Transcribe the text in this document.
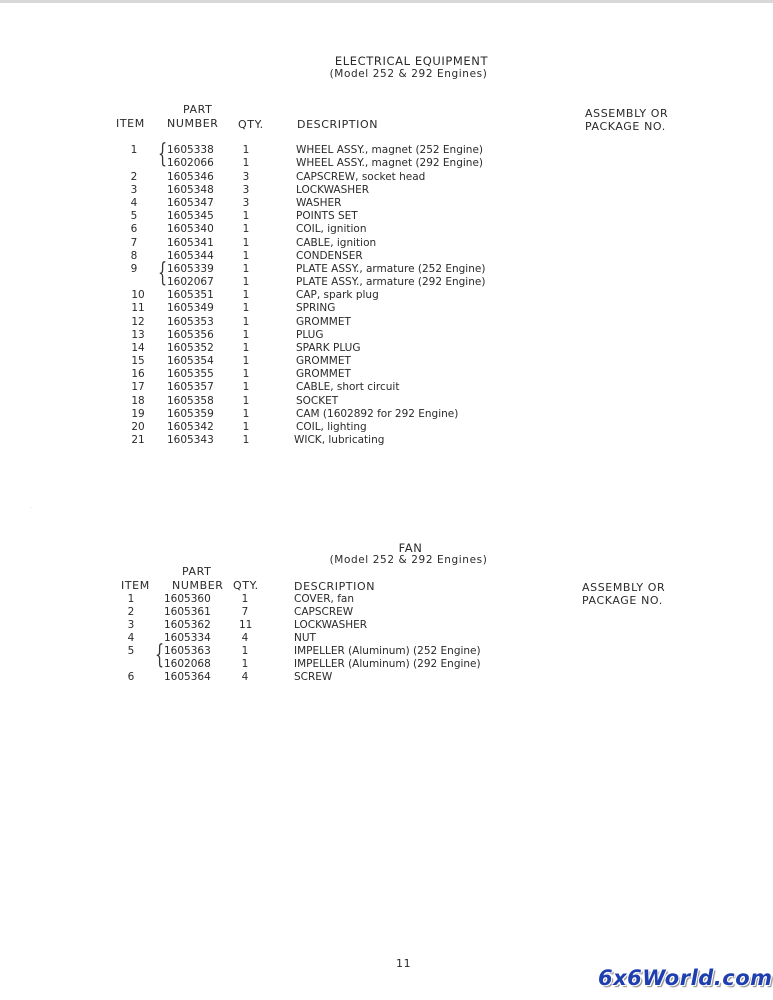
ELECTRICAL EQUIPMENT
(Model 252 & 292 Engines)
PART
ITEM NUMBER QTY.	DESCRIPTION
ASSEMBLY OR
PACKAGE NO.
1	1605338	1	WHEEL ASSY., magnet (252 Engine)
1602066	1	WHEEL ASSY., magnet (292 Engine)
2	1605346	3	CAPSCREW, socket head
3	1605348	3	LOCKWASHER
4	1605347	3	WASHER
5	1605345	1	POINTS SET
6	1605340	1	COIL, ignition
7	1605341	1	CABLE, ignition
8	1605344	1	CONDENSER
9	1605339	1	PLATE ASSY., armature (252 Engine)
1602067	1	PLATE ASSY., armature (292 Engine)
10	1605351	1	CAP, spark plug
11	1605349	1	SPRING
12	1605353	1	GROMMET
13	1605356	1	PLUG
14	1605352	1	SPARK PLUG
15	1605354	1	GROMMET
16	1605355	1	GROMMET
17	1605357	1	CABLE, short circuit
18	1605358	1	SOCKET
19	1605359	1	CAM (1602892 for 292 Engine)
20	1605342	1	COIL, lighting
21	1605343	1	WICK, lubricating
{
{
·
FAN
(Model 252 & 292 Engines)
PART
ITEM NUMBER QTY.	DESCRIPTION	ASSEMBLY OR
PACKAGE NO.
1	1605360	1	COVER, fan
2	1605361	7	CAPSCREW
3	1605362	11	LOCKWASHER
4	1605334	4	NUT
5	1605363	1	IMPELLER (Aluminum) (252 Engine)
1602068	1	IMPELLER (Aluminum) (292 Engine)
6	1605364	4	SCREW
{
11
6x6World.com
